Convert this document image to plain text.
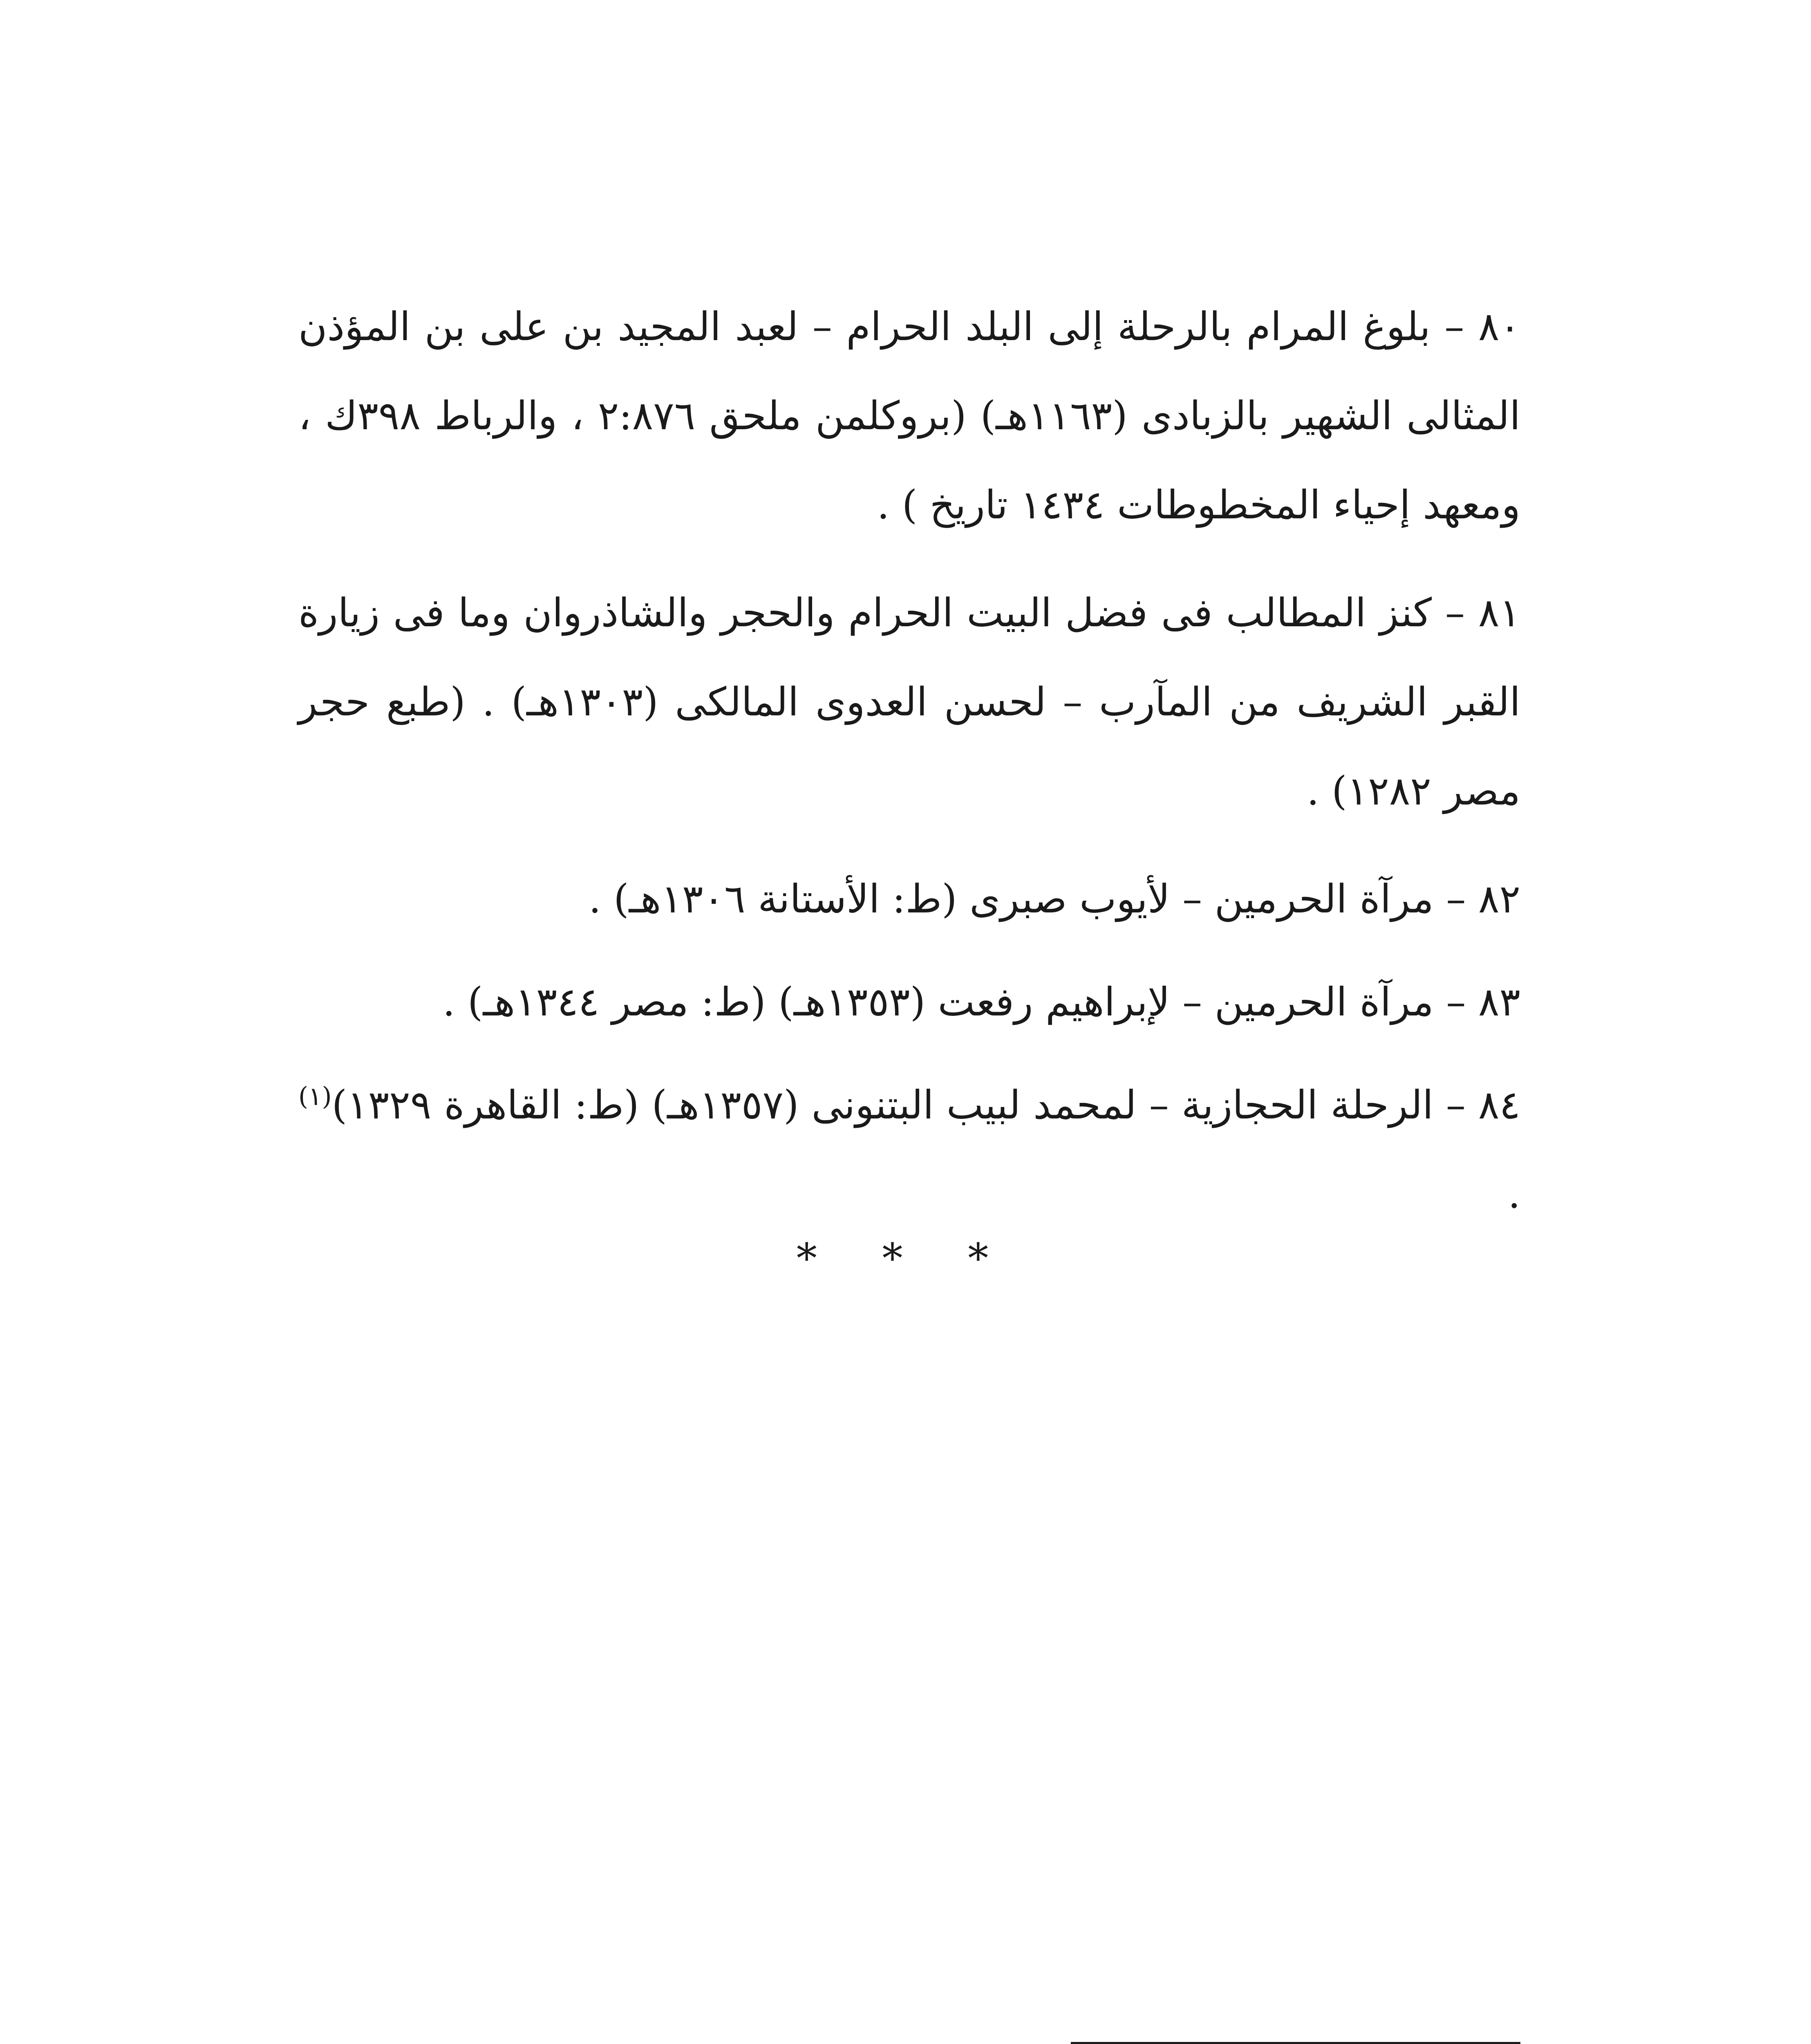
٨٠ – بلوغ المرام بالرحلة إلى البلد الحرام – لعبد المجيد بن على بن المؤذن المثالى الشهير بالزبادى (١١٦٣هـ) (بروكلمن ملحق ٢:٨٧٦ ، والرباط ٣٩٨ك ، ومعهد إحياء المخطوطات ١٤٣٤ تاريخ ) .

٨١ – كنز المطالب فى فضل البيت الحرام والحجر والشاذروان وما فى زيارة القبر الشريف من المآرب – لحسن العدوى المالكى (١٣٠٣هـ) . (طبع حجر مصر ١٢٨٢) .

٨٢ – مرآة الحرمين – لأيوب صبرى (ط: الأستانة ١٣٠٦هـ) .

٨٣ – مرآة الحرمين – لإبراهيم رفعت (١٣٥٣هـ) (ط: مصر ١٣٤٤هـ) .

٨٤ – الرحلة الحجازية – لمحمد لبيب البتنونى (١٣٥٧هـ) (ط: القاهرة ١٣٢٩)$^{(١)}$ .

* * *
